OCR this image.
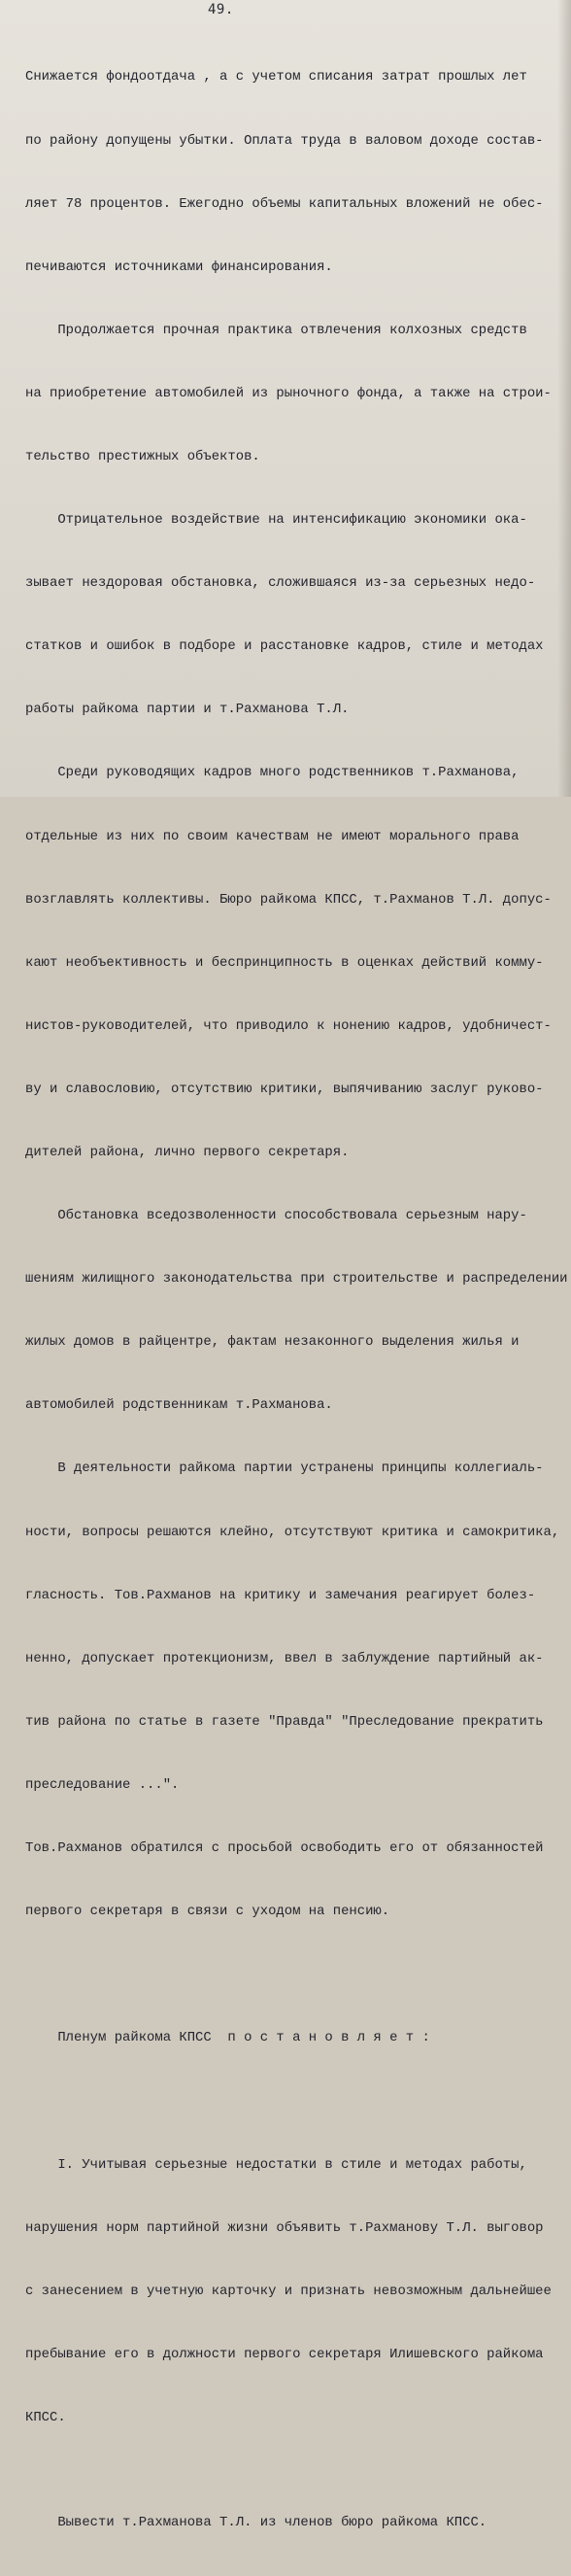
49.

Снижается фондоотдача , а с учетом списания затрат прошлых лет

по району допущены убытки. Оплата труда в валовом доходе состав-

ляет 78 процентов. Ежегодно объемы капитальных вложений не обес-

печиваются источниками финансирования.

Продолжается прочная практика отвлечения колхозных средств

на приобретение автомобилей из рыночного фонда, а также на строи-

тельство престижных объектов.

Отрицательное воздействие на интенсификацию экономики ока-

зывает нездоровая обстановка, сложившаяся из-за серьезных недо-

статков и ошибок в подборе и расстановке кадров, стиле и методах

работы райкома партии и т.Рахманова Т.Л.

Среди руководящих кадров много родственников т.Рахманова,

отдельные из них по своим качествам не имеют морального права

возглавлять коллективы. Бюро райкома КПСС, т.Рахманов Т.Л. допус-

кают необъективность и беспринципность в оценках действий комму-

нистов-руководителей, что приводило к нонению кадров, удобничест-

ву и славословию, отсутствию критики, выпячиванию заслуг руково-

дителей района, лично первого секретаря.

Обстановка вседозволенности способствовала серьезным нару-

шениям жилищного законодательства при строительстве и распределении

жилых домов в райцентре, фактам незаконного выделения жилья и

автомобилей родственникам т.Рахманова.

В деятельности райкома партии устранены принципы коллегиаль-

ности, вопросы решаются клейно, отсутствуют критика и самокритика,

гласность. Тов.Рахманов на критику и замечания реагирует болез-

ненно, допускает протекционизм, ввел в заблуждение партийный ак-

тив района по статье в газете "Правда" "Преследование прекратить

преследование ...".

Тов.Рахманов обратился с просьбой освободить его от обязанностей

первого секретаря в связи с уходом на пенсию.

Пленум райкома КПСС  п о с т а н о в л я е т :

I. Учитывая серьезные недостатки в стиле и методах работы,

нарушения норм партийной жизни объявить т.Рахманову Т.Л. выговор

с занесением в учетную карточку и признать невозможным дальнейшее

пребывание его в должности первого секретаря Илишевского райкома

КПСС.

Вывести т.Рахманова Т.Л. из членов бюро райкома КПСС.
